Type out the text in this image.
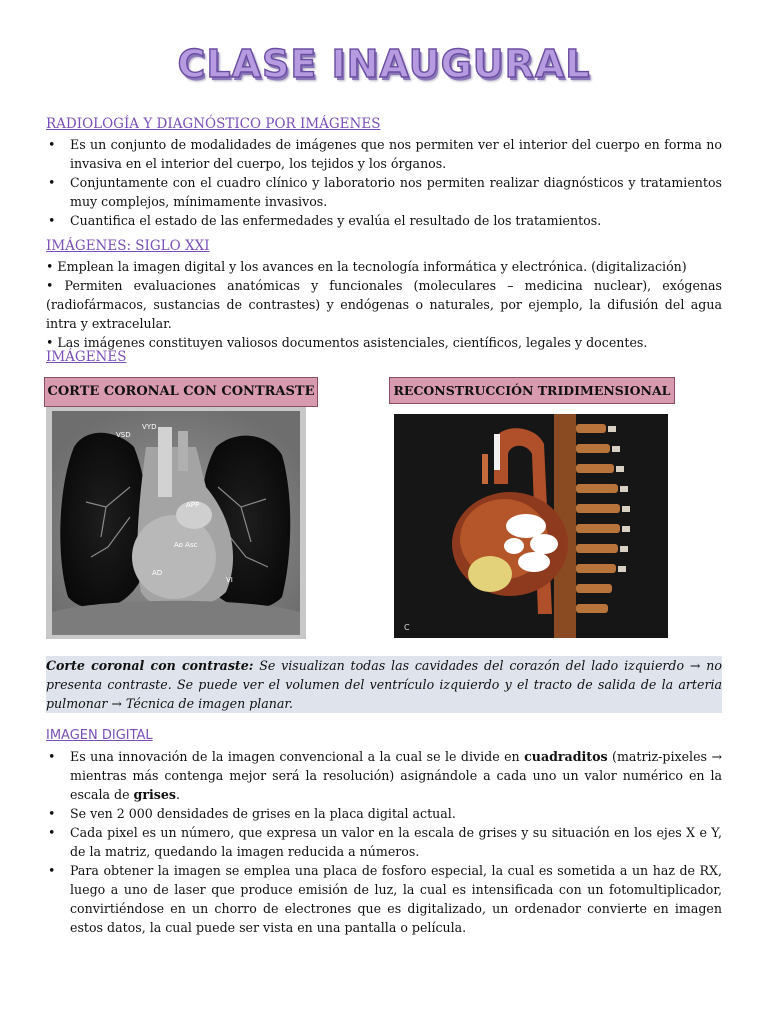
CLASE INAUGURAL
RADIOLOGÍA Y DIAGNÓSTICO POR IMÁGENES
• Es un conjunto de modalidades de imágenes que nos permiten ver el interior del cuerpo en forma no invasiva en el interior del cuerpo, los tejidos y los órganos.
• Conjuntamente con el cuadro clínico y laboratorio nos permiten realizar diagnósticos y tratamientos muy complejos, mínimamente invasivos.
• Cuantifica el estado de las enfermedades y evalúa el resultado de los tratamientos.
IMÁGENES: SIGLO XXI
• Emplean la imagen digital y los avances en la tecnología informática y electrónica. (digitalización)
• Permiten evaluaciones anatómicas y funcionales (moleculares – medicina nuclear), exógenas (radiofármacos, sustancias de contrastes) y endógenas o naturales, por ejemplo, la difusión del agua intra y extracelular.
• Las imágenes constituyen valiosos documentos asistenciales, científicos, legales y docentes.
IMÁGENES
CORTE CORONAL CON CONTRASTE	RECONSTRUCCIÓN TRIDIMENSIONAL
VSD
VYD
APP
Ao Asc
AD
VI
C
Corte coronal con contraste: Se visualizan todas las cavidades del corazón del lado izquierdo → no presenta contraste. Se puede ver el volumen del ventrículo izquierdo y el tracto de salida de la arteria pulmonar → Técnica de imagen planar.
IMAGEN DIGITAL
• Es una innovación de la imagen convencional a la cual se le divide en cuadraditos (matriz-pixeles → mientras más contenga mejor será la resolución) asignándole a cada uno un valor numérico en la escala de grises.
• Se ven 2 000 densidades de grises en la placa digital actual.
• Cada pixel es un número, que expresa un valor en la escala de grises y su situación en los ejes X e Y, de la matriz, quedando la imagen reducida a números.
• Para obtener la imagen se emplea una placa de fosforo especial, la cual es sometida a un haz de RX, luego a uno de laser que produce emisión de luz, la cual es intensificada con un fotomultiplicador, convirtiéndose en un chorro de electrones que es digitalizado, un ordenador convierte en imagen estos datos, la cual puede ser vista en una pantalla o película.
